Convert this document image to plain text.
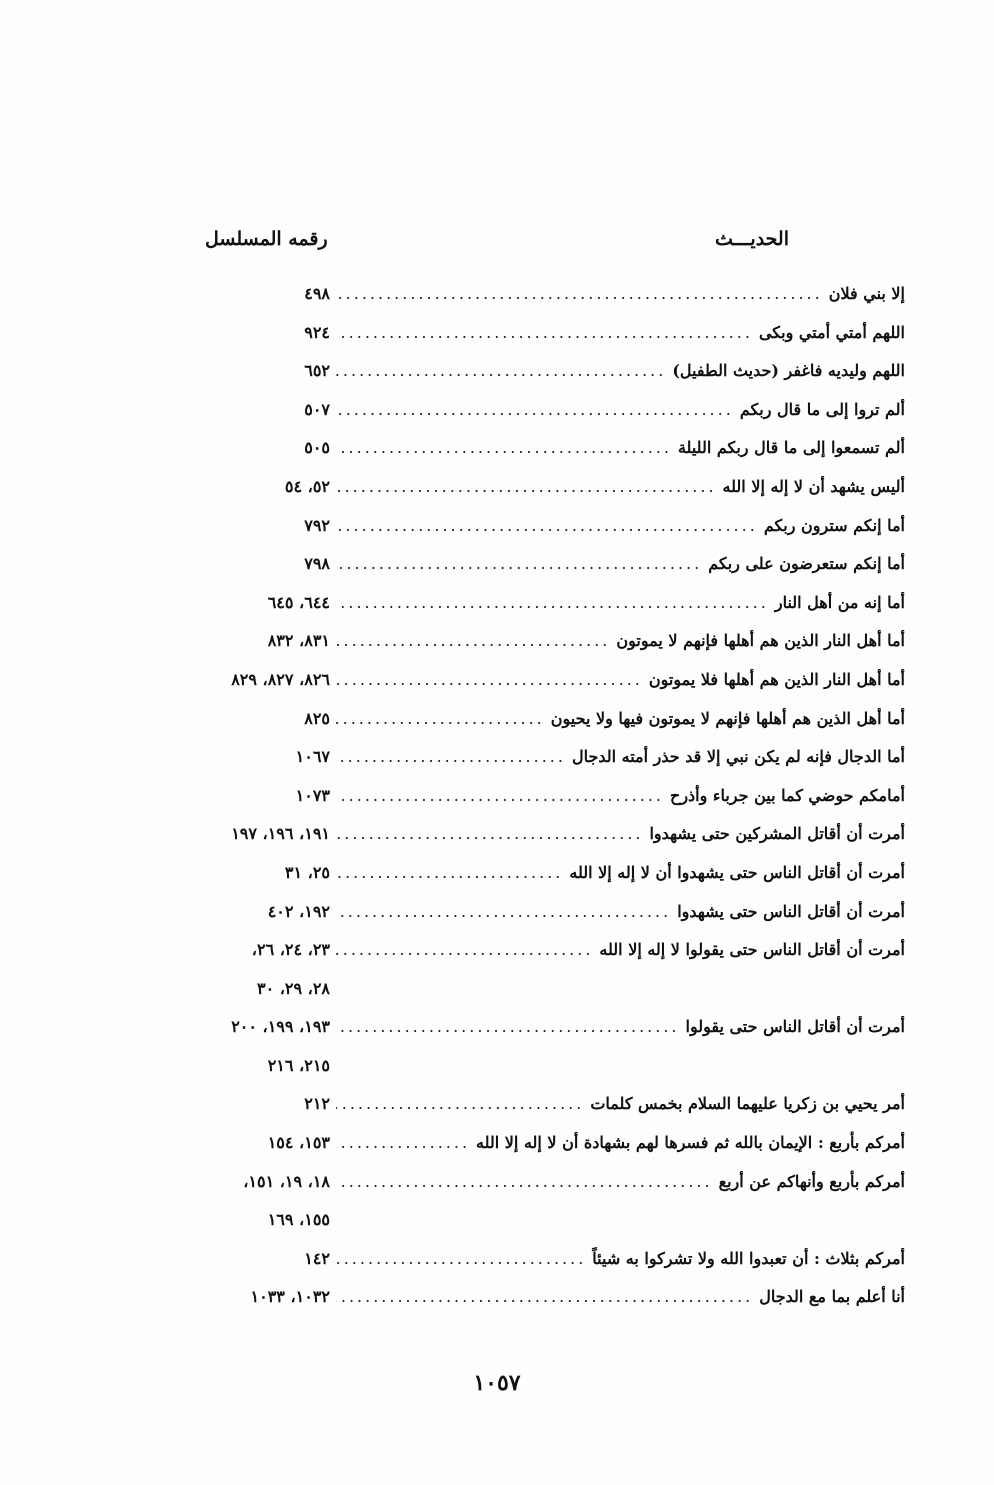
الحديـــث
رقمه المسلسل
إلا بني فلان
.....
٤٩٨
اللهم أمتي أمتي وبكى
.....
٩٢٤
اللهم وليديه فاغفر (حديث الطفيل)
.....
٦٥٢
ألم تروا إلى ما قال ربكم
.....
٥٠٧
ألم تسمعوا إلى ما قال ربكم الليلة
.....
٥٠٥
أليس يشهد أن لا إله إلا الله
.....
٥٢، ٥٤
أما إنكم سترون ربكم
.....
٧٩٢
أما إنكم ستعرضون على ربكم
.....
٧٩٨
أما إنه من أهل النار
.....
٦٤٤، ٦٤٥
أما أهل النار الذين هم أهلها فإنهم لا يموتون
.....
٨٣١، ٨٣٢
أما أهل النار الذين هم أهلها فلا يموتون
.....
٨٢٦، ٨٢٧، ٨٢٩
أما أهل الذين هم أهلها فإنهم لا يموتون فيها ولا يحيون
.....
٨٢٥
أما الدجال فإنه لم يكن نبي إلا قد حذر أمته الدجال
.....
١٠٦٧
أمامكم حوضي كما بين جرباء وأذرح
.....
١٠٧٣
أمرت أن أقاتل المشركين حتى يشهدوا
.....
١٩١، ١٩٦، ١٩٧
أمرت أن أقاتل الناس حتى يشهدوا أن لا إله إلا الله
.....
٢٥، ٣١
أمرت أن أقاتل الناس حتى يشهدوا
.....
١٩٢، ٤٠٢
أمرت أن أقاتل الناس حتى يقولوا لا إله إلا الله
.....
٢٣، ٢٤، ٢٦،
٢٨، ٢٩، ٣٠
أمرت أن أقاتل الناس حتى يقولوا
.....
١٩٣، ١٩٩، ٢٠٠
٢١٥، ٢١٦
أمر يحيي بن زكريا عليهما السلام بخمس كلمات
.....
٢١٢
أمركم بأربع : الإيمان بالله ثم فسرها لهم بشهادة أن لا إله إلا الله
.....
١٥٣، ١٥٤
أمركم بأربع وأنهاكم عن أربع
.....
١٨، ١٩، ١٥١،
١٥٥، ١٦٩
أمركم بثلاث : أن تعبدوا الله ولا تشركوا به شيئاً
.....
١٤٢
أنا أعلم بما مع الدجال
.....
١٠٣٢، ١٠٣٣
١٠٥٧
